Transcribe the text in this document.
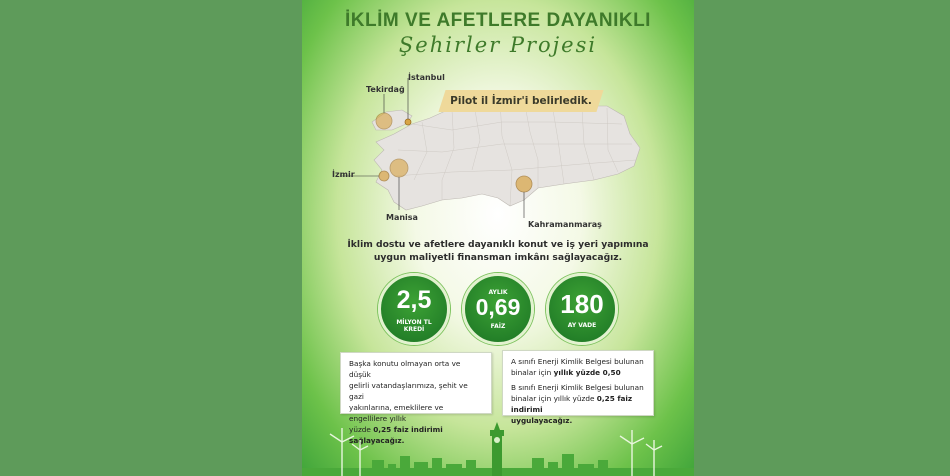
İKLİM VE AFETLERE DAYANIKLI
Şehirler Projesi
Pilot il İzmir'i belirledik.
Tekirdağ
İstanbul
İzmir
Manisa
Kahramanmaraş
İklim dostu ve afetlere dayanıklı konut ve iş yeri yapımına
uygun maliyetli finansman imkânı sağlayacağız.
2,5
MİLYON TL
KREDİ
AYLIK
0,69
FAİZ
180
AY VADE
Başka konutu olmayan orta ve düşük
gelirli vatandaşlarımıza, şehit ve gazi
yakınlarına, emeklilere ve engellilere yıllık
yüzde 0,25 faiz indirimi sağlayacağız.
A sınıfı Enerji Kimlik Belgesi bulunan
binalar için yıllık yüzde 0,50
B sınıfı Enerji Kimlik Belgesi bulunan
binalar için yıllık yüzde 0,25 faiz indirimi
uygulayacağız.
